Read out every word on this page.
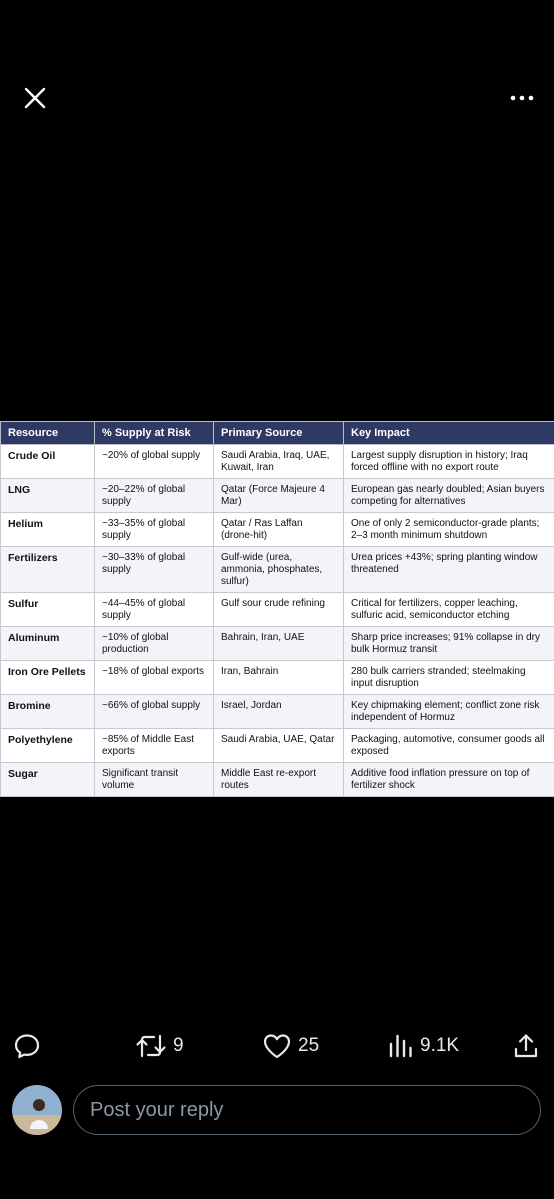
Resource	% Supply at Risk	Primary Source	Key Impact
Crude Oil	~20% of global supply	Saudi Arabia, Iraq, UAE, Kuwait, Iran	Largest supply disruption in history; Iraq forced offline with no export route
LNG	~20–22% of global supply	Qatar (Force Majeure 4 Mar)	European gas nearly doubled; Asian buyers competing for alternatives
Helium	~33–35% of global supply	Qatar / Ras Laffan (drone-hit)	One of only 2 semiconductor-grade plants; 2–3 month minimum shutdown
Fertilizers	~30–33% of global supply	Gulf-wide (urea, ammonia, phosphates, sulfur)	Urea prices +43%; spring planting window threatened
Sulfur	~44–45% of global supply	Gulf sour crude refining	Critical for fertilizers, copper leaching, sulfuric acid, semiconductor etching
Aluminum	~10% of global production	Bahrain, Iran, UAE	Sharp price increases; 91% collapse in dry bulk Hormuz transit
Iron Ore Pellets	~18% of global exports	Iran, Bahrain	280 bulk carriers stranded; steelmaking input disruption
Bromine	~66% of global supply	Israel, Jordan	Key chipmaking element; conflict zone risk independent of Hormuz
Polyethylene	~85% of Middle East exports	Saudi Arabia, UAE, Qatar	Packaging, automotive, consumer goods all exposed
Sugar	Significant transit volume	Middle East re-export routes	Additive food inflation pressure on top of fertilizer shock
9	25	9.1K
Post your reply
